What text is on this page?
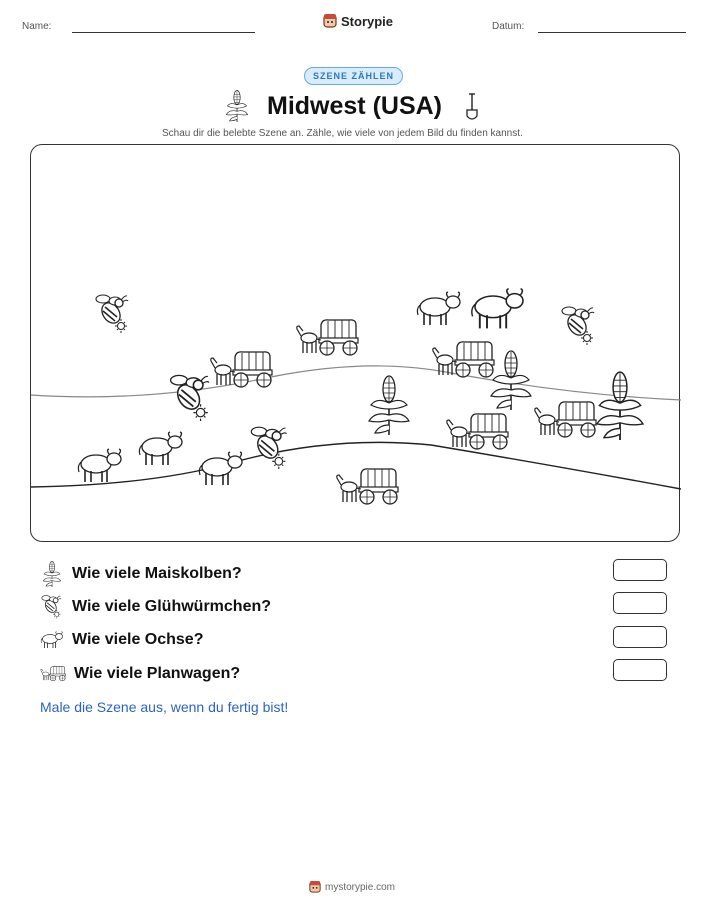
Name:	Storypie	Datum:
SZENE ZÄHLEN
Midwest (USA)
Schau dir die belebte Szene an. Zähle, wie viele von jedem Bild du finden kannst.
Wie viele Maiskolben?
Wie viele Glühwürmchen?
Wie viele Ochse?
Wie viele Planwagen?
Male die Szene aus, wenn du fertig bist!
mystorypie.com
